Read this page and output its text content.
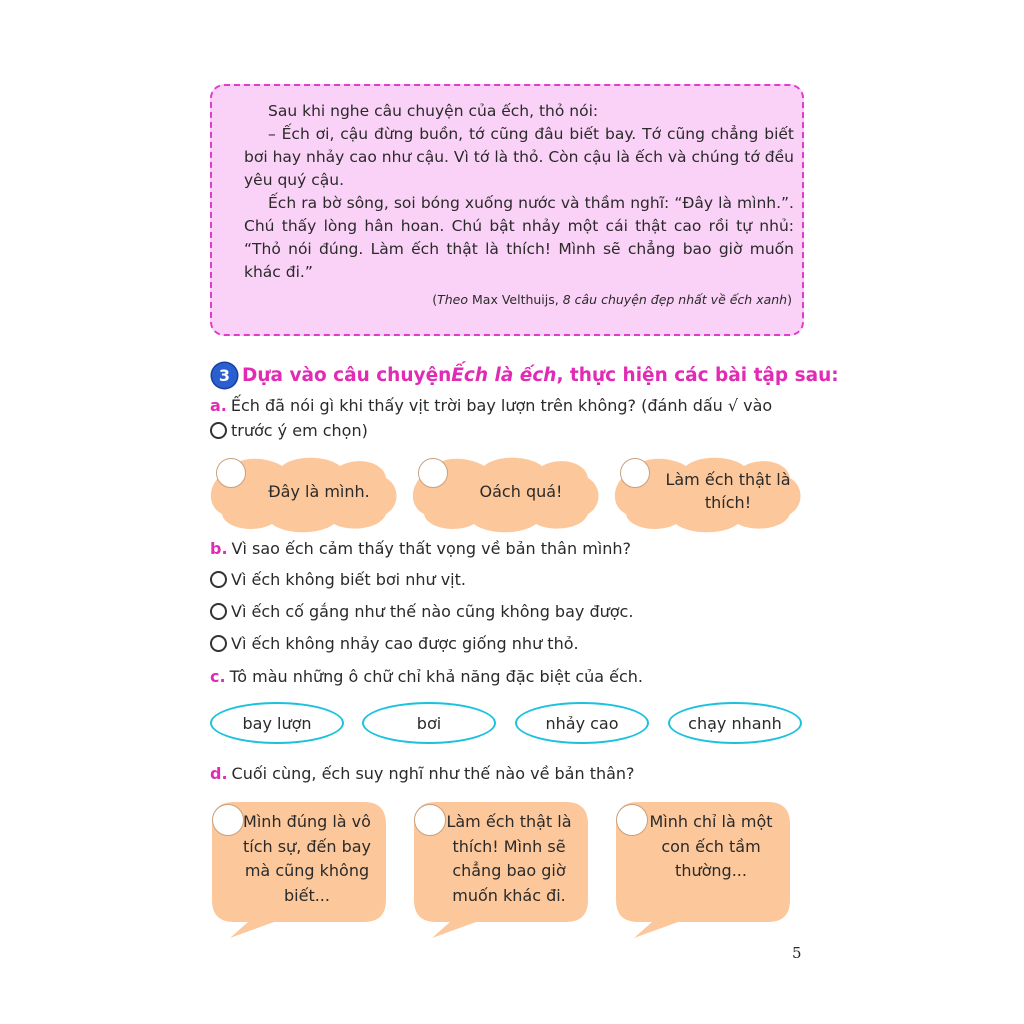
Sau khi nghe câu chuyện của ếch, thỏ nói:

– Ếch ơi, cậu đừng buồn, tớ cũng đâu biết bay. Tớ cũng chẳng biết bơi hay nhảy cao như cậu. Vì tớ là thỏ. Còn cậu là ếch và chúng tớ đều yêu quý cậu.

Ếch ra bờ sông, soi bóng xuống nước và thầm nghĩ: “Đây là mình.”. Chú thấy lòng hân hoan. Chú bật nhảy một cái thật cao rồi tự nhủ: “Thỏ nói đúng. Làm ếch thật là thích! Mình sẽ chẳng bao giờ muốn khác đi.”

(Theo Max Velthuijs, 8 câu chuyện đẹp nhất về ếch xanh)
3 Dựa vào câu chuyện Ếch là ếch , thực hiện các bài tập sau:
a. Ếch đã nói gì khi thấy vịt trời bay lượn trên không? (đánh dấu √ vào
trước ý em chọn)
Đây là mình.	Oách quá!
Làm ếch thật là thích!
b. Vì sao ếch cảm thấy thất vọng về bản thân mình?
Vì ếch không biết bơi như vịt.
Vì ếch cố gắng như thế nào cũng không bay được.
Vì ếch không nhảy cao được giống như thỏ.
c. Tô màu những ô chữ chỉ khả năng đặc biệt của ếch.
bay lượn	bơi	nhảy cao	chạy nhanh
d. Cuối cùng, ếch suy nghĩ như thế nào về bản thân?
Mình đúng là vô tích sự, đến bay mà cũng không biết...
Làm ếch thật là thích! Mình sẽ chẳng bao giờ muốn khác đi.
Mình chỉ là một con ếch tầm thường...
5
